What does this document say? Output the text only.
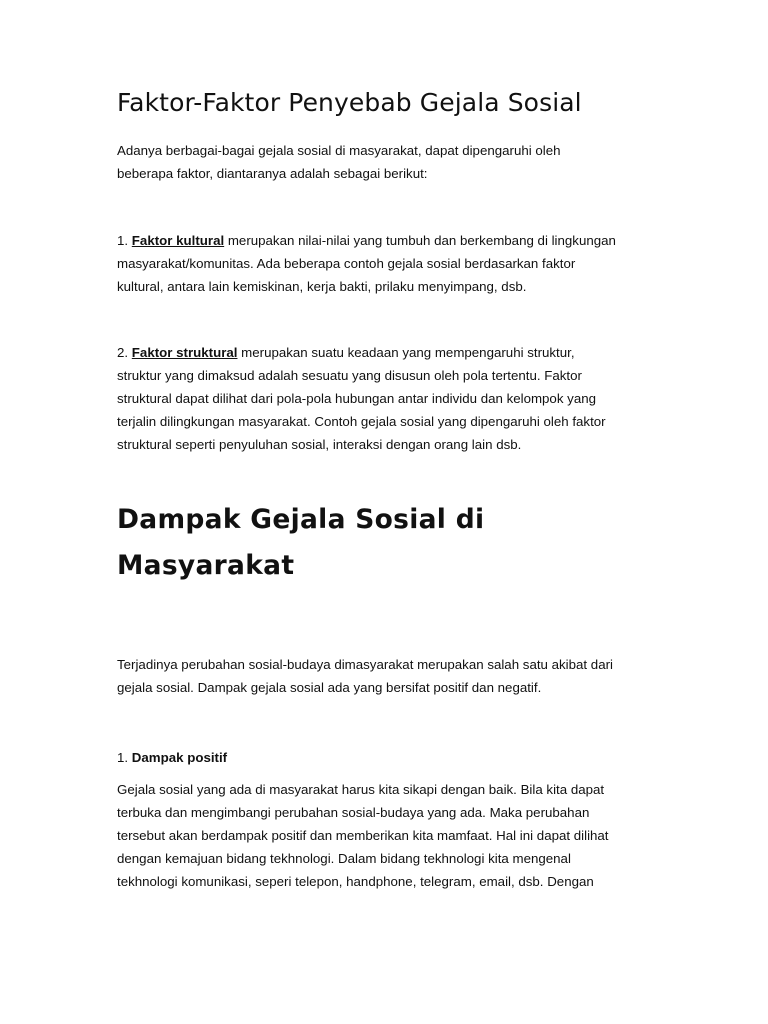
Faktor-Faktor Penyebab Gejala Sosial

Adanya berbagai-bagai gejala sosial di masyarakat, dapat dipengaruhi oleh
beberapa faktor, diantaranya adalah sebagai berikut:

1. Faktor kultural merupakan nilai-nilai yang tumbuh dan berkembang di lingkungan
masyarakat/komunitas. Ada beberapa contoh gejala sosial berdasarkan faktor
kultural, antara lain kemiskinan, kerja bakti, prilaku menyimpang, dsb.

2. Faktor struktural merupakan suatu keadaan yang mempengaruhi struktur,
struktur yang dimaksud adalah sesuatu yang disusun oleh pola tertentu. Faktor
struktural dapat dilihat dari pola-pola hubungan antar individu dan kelompok yang
terjalin dilingkungan masyarakat. Contoh gejala sosial yang dipengaruhi oleh faktor
struktural seperti penyuluhan sosial, interaksi dengan orang lain dsb.

Dampak Gejala Sosial di
Masyarakat

Terjadinya perubahan sosial-budaya dimasyarakat merupakan salah satu akibat dari
gejala sosial. Dampak gejala sosial ada yang bersifat positif dan negatif.

1. Dampak positif

Gejala sosial yang ada di masyarakat harus kita sikapi dengan baik. Bila kita dapat
terbuka dan mengimbangi perubahan sosial-budaya yang ada. Maka perubahan
tersebut akan berdampak positif dan memberikan kita mamfaat. Hal ini dapat dilihat
dengan kemajuan bidang tekhnologi. Dalam bidang tekhnologi kita mengenal
tekhnologi komunikasi, seperi telepon, handphone, telegram, email, dsb. Dengan
